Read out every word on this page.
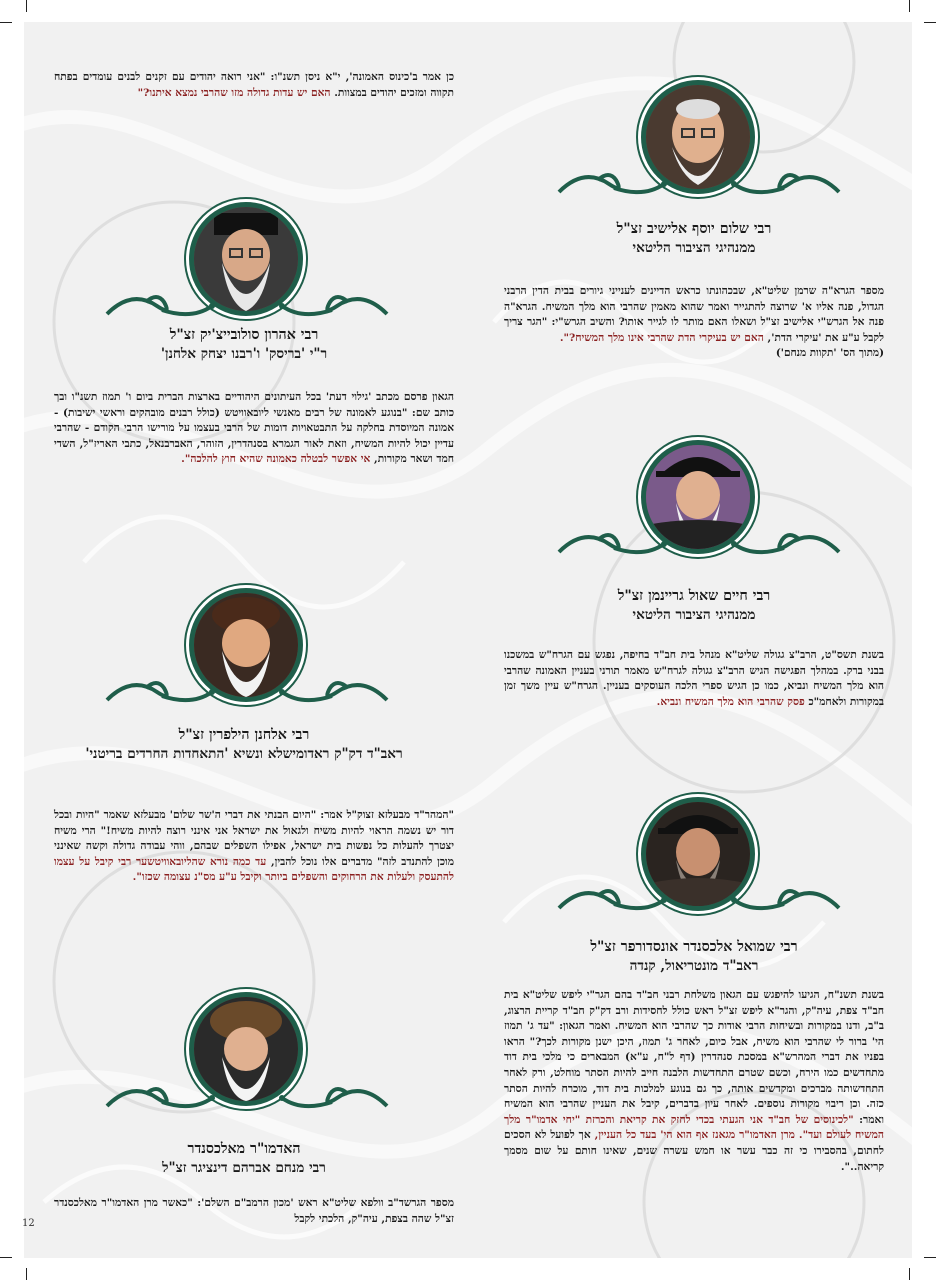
כן אמר ב'כינוס האמונה', י"א ניסן תשנ"ו: "אני רואה יהודים עם זקנים לבנים עומדים בפתח תקווה ומזכים יהודים במצוות. האם יש עדות גדולה מזו שהרבי נמצא איתנו?"

רבי שלום יוסף אלישיב זצ"ל
ממנהיגי הציבור הליטאי

מספר הגרא"ה שרמן שליט"א, שבכהונתו כראש הדיינים לענייני גיורים בבית הדין הרבני הגדול, פנה אליו א' שרוצה להתגייר ואמר שהוא מאמין שהרבי הוא מלך המשיח. הגרא"ה פנה אל הגרש"י אלישיב זצ"ל ושאלו האם מותר לו לגייר אותו? והשיב הגרש"י: "הגר צריך לקבל ע"ע את 'עיקרי הדת', האם יש בעיקרי הדת שהרבי אינו מלך המשיח?".

(מתוך הס' 'תקוות מנחם')

רבי אהרון סולובייצ'יק זצ"ל
ר"י 'בריסק' ו'רבנו יצחק אלחנן'

הגאון פרסם מכתב 'גילוי דעת' בכל העיתונים היהודיים בארצות הברית ביום ו' תמוז תשנ"ו ובך כותב שם: "בנוגע לאמונה של רבים מאנשי ליובאוויטש (כולל רבנים מובהקים וראשי ישיבות) - אמונה המיוסדת בחלקה על התבטאויות דומות של הרבי בעצמו על מורישו הרבי הקודם - שהרבי עדיין יכול להיות המשיח, וזאת לאור הגמרא בסנהדרין, הזוהר, האברבנאל, כתבי האריז"ל, השדי חמד ושאר מקורות, אי אפשר לבטלה כאמונה שהיא חוץ להלכה".

רבי חיים שאול גריינמן זצ"ל
ממנהיגי הציבור הליטאי

בשנת תשס"ט, הרב"צ גגולה שליט"א מנהל בית חב"ד בחיפה, נפגש עם הגרח"ש במשכנו בבני ברק. במהלך הפגישה הגיש הרב"צ גגולה לגרח"ש מאמר תורני בעניין האמונה שהרבי הוא מלך המשיח ונביא, כמו כן הגיש ספרי הלכה העוסקים בעניין. הגרח"ש עיין משך זמן במקורות ולאחמ"כ פסק שהרבי הוא מלך המשיח ונביא.

רבי אלחנן הילפרין זצ"ל
ראב"ד דק"ק ראדומישלא ונשיא 'התאחדות החרדים בריטני'

"המהר"ד מבעלזא זצוק"ל אמר: "היום הבנתי את דברי ה'שר שלום' מבעלזא שאמר "היות ובכל דור יש נשמה הראוי להיות משיח ולגאול את ישראל אני אינני רוצה להיות משיח!" הרי משיח יצטרך להעלות כל נפשות בית ישראל, אפילו השפלים שבהם, ווהי עבודה גדולה וקשה שאינני מוכן להתנדב לזה" מדברים אלו נוכל להבין, עד כמה נורא שהליובאוויטשער רבי קיבל על עצמו להתעסק ולעלות את הרחוקים והשפלים ביותר וקיבל ע"ע מס"נ עצומה שכזו".

רבי שמואל אלכסנדר אונסדורפר זצ"ל
ראב"ד מונטריאול, קנדה

בשנת תשנ"ח, הגיעו להיפגש עם הגאון משלחת רבני חב"ד בהם הגר"י ליפש שליט"א בית חב"ד צפת, עיה"ק, והגר"א ליפש זצ"ל ראש כולל לחסידות ורב דק"ק חב"ד קריית הרצוג, ב"ב, ודנו במקורות ובשיחות הרבי אודות כך שהרבי הוא המשיח. ואמר הגאון: "עד ג' תמוז הי' ברור לי שהרבי הוא משיח, אבל כיום, לאחר ג' תמוז, היכן ישנן מקורות לכך?" הראו בפניו את דברי המהרש"א במסכת סנהדרין (דף ל"ח, ע"א) המבארים כי מלכי בית דוד מתחדשים כמו הירח, וכשם שטרם התחדשות הלבנה חייב להיות הסתר מוחלט, ורק לאחר התחדשותה מברכים ומקדשים אותה, כך גם בנוגע למלכות בית דוד, מוכרח להיות הסתר כזה. וכן ריבוי מקורות נוספים. לאחר עיון בדברים, קיבל את העניין שהרבי הוא המשיח ואמר: "לכינוסים של חב"ד אני הגעתי בכדי לחזק את קריאת והכרזת "יחי אדמו"ר מלך המשיח לעולם ועד". מרן האדמו"ר מגאנז אף הוא הי' בעד כל העניין, אך לפועל לא הסכים לחתום, בהסבירו כי זה כבר עשר או חמש עשרה שנים, שאינו חותם על שום מסמך קריאה..".

האדמו"ר מאלכסנדר
רבי מנחם אברהם דינציגר זצ"ל

מספר הגרשד"ב וולפא שליט"א ראש 'מכון הרמב"ם השלם': "כאשר מרן האדמו"ר מאלכסנדר זצ"ל שהה בצפת, עיה"ק, הלכתי לקבל

12
